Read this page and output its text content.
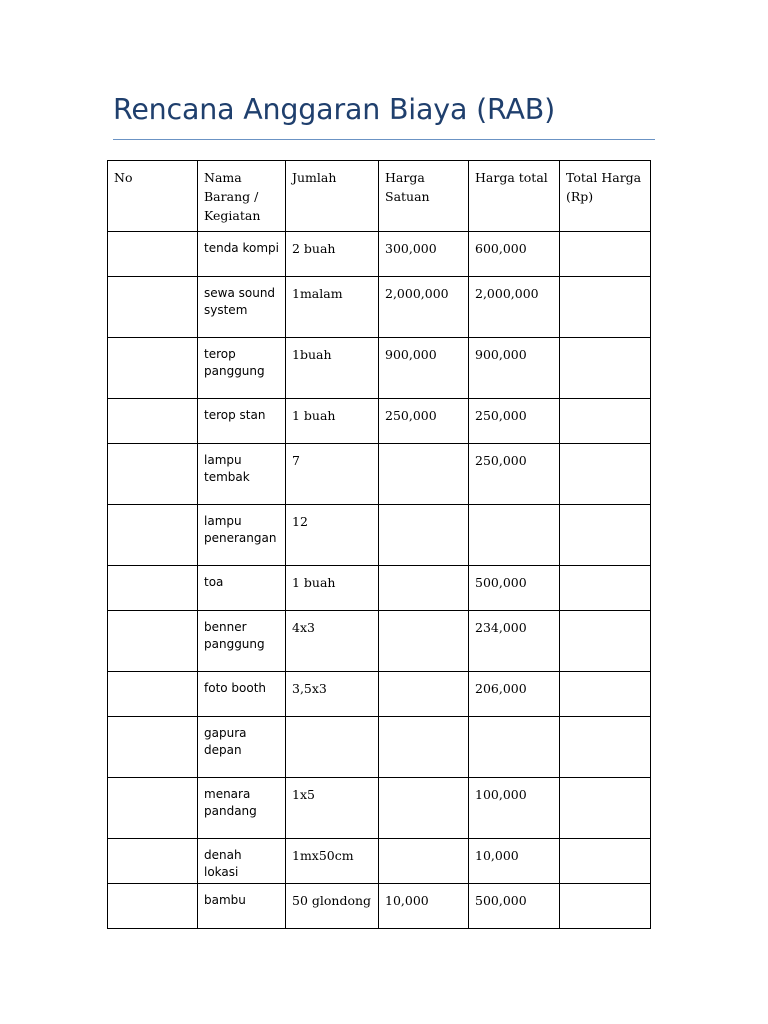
Rencana Anggaran Biaya (RAB)
No	Nama Barang / Kegiatan	Jumlah	Harga Satuan	Harga total	Total Harga (Rp)
	tenda kompi	2 buah	300,000	600,000	
	sewa sound system	1malam	2,000,000	2,000,000	
	terop panggung	1buah	900,000	900,000	
	terop stan	1 buah	250,000	250,000	
	lampu tembak	7		250,000	
	lampu penerangan	12			
	toa	1 buah		500,000	
	benner panggung	4x3		234,000	
	foto booth	3,5x3		206,000	
	gapura depan				
	menara pandang	1x5		100,000	
	denah lokasi	1mx50cm		10,000	
	bambu	50 glondong	10,000	500,000	
